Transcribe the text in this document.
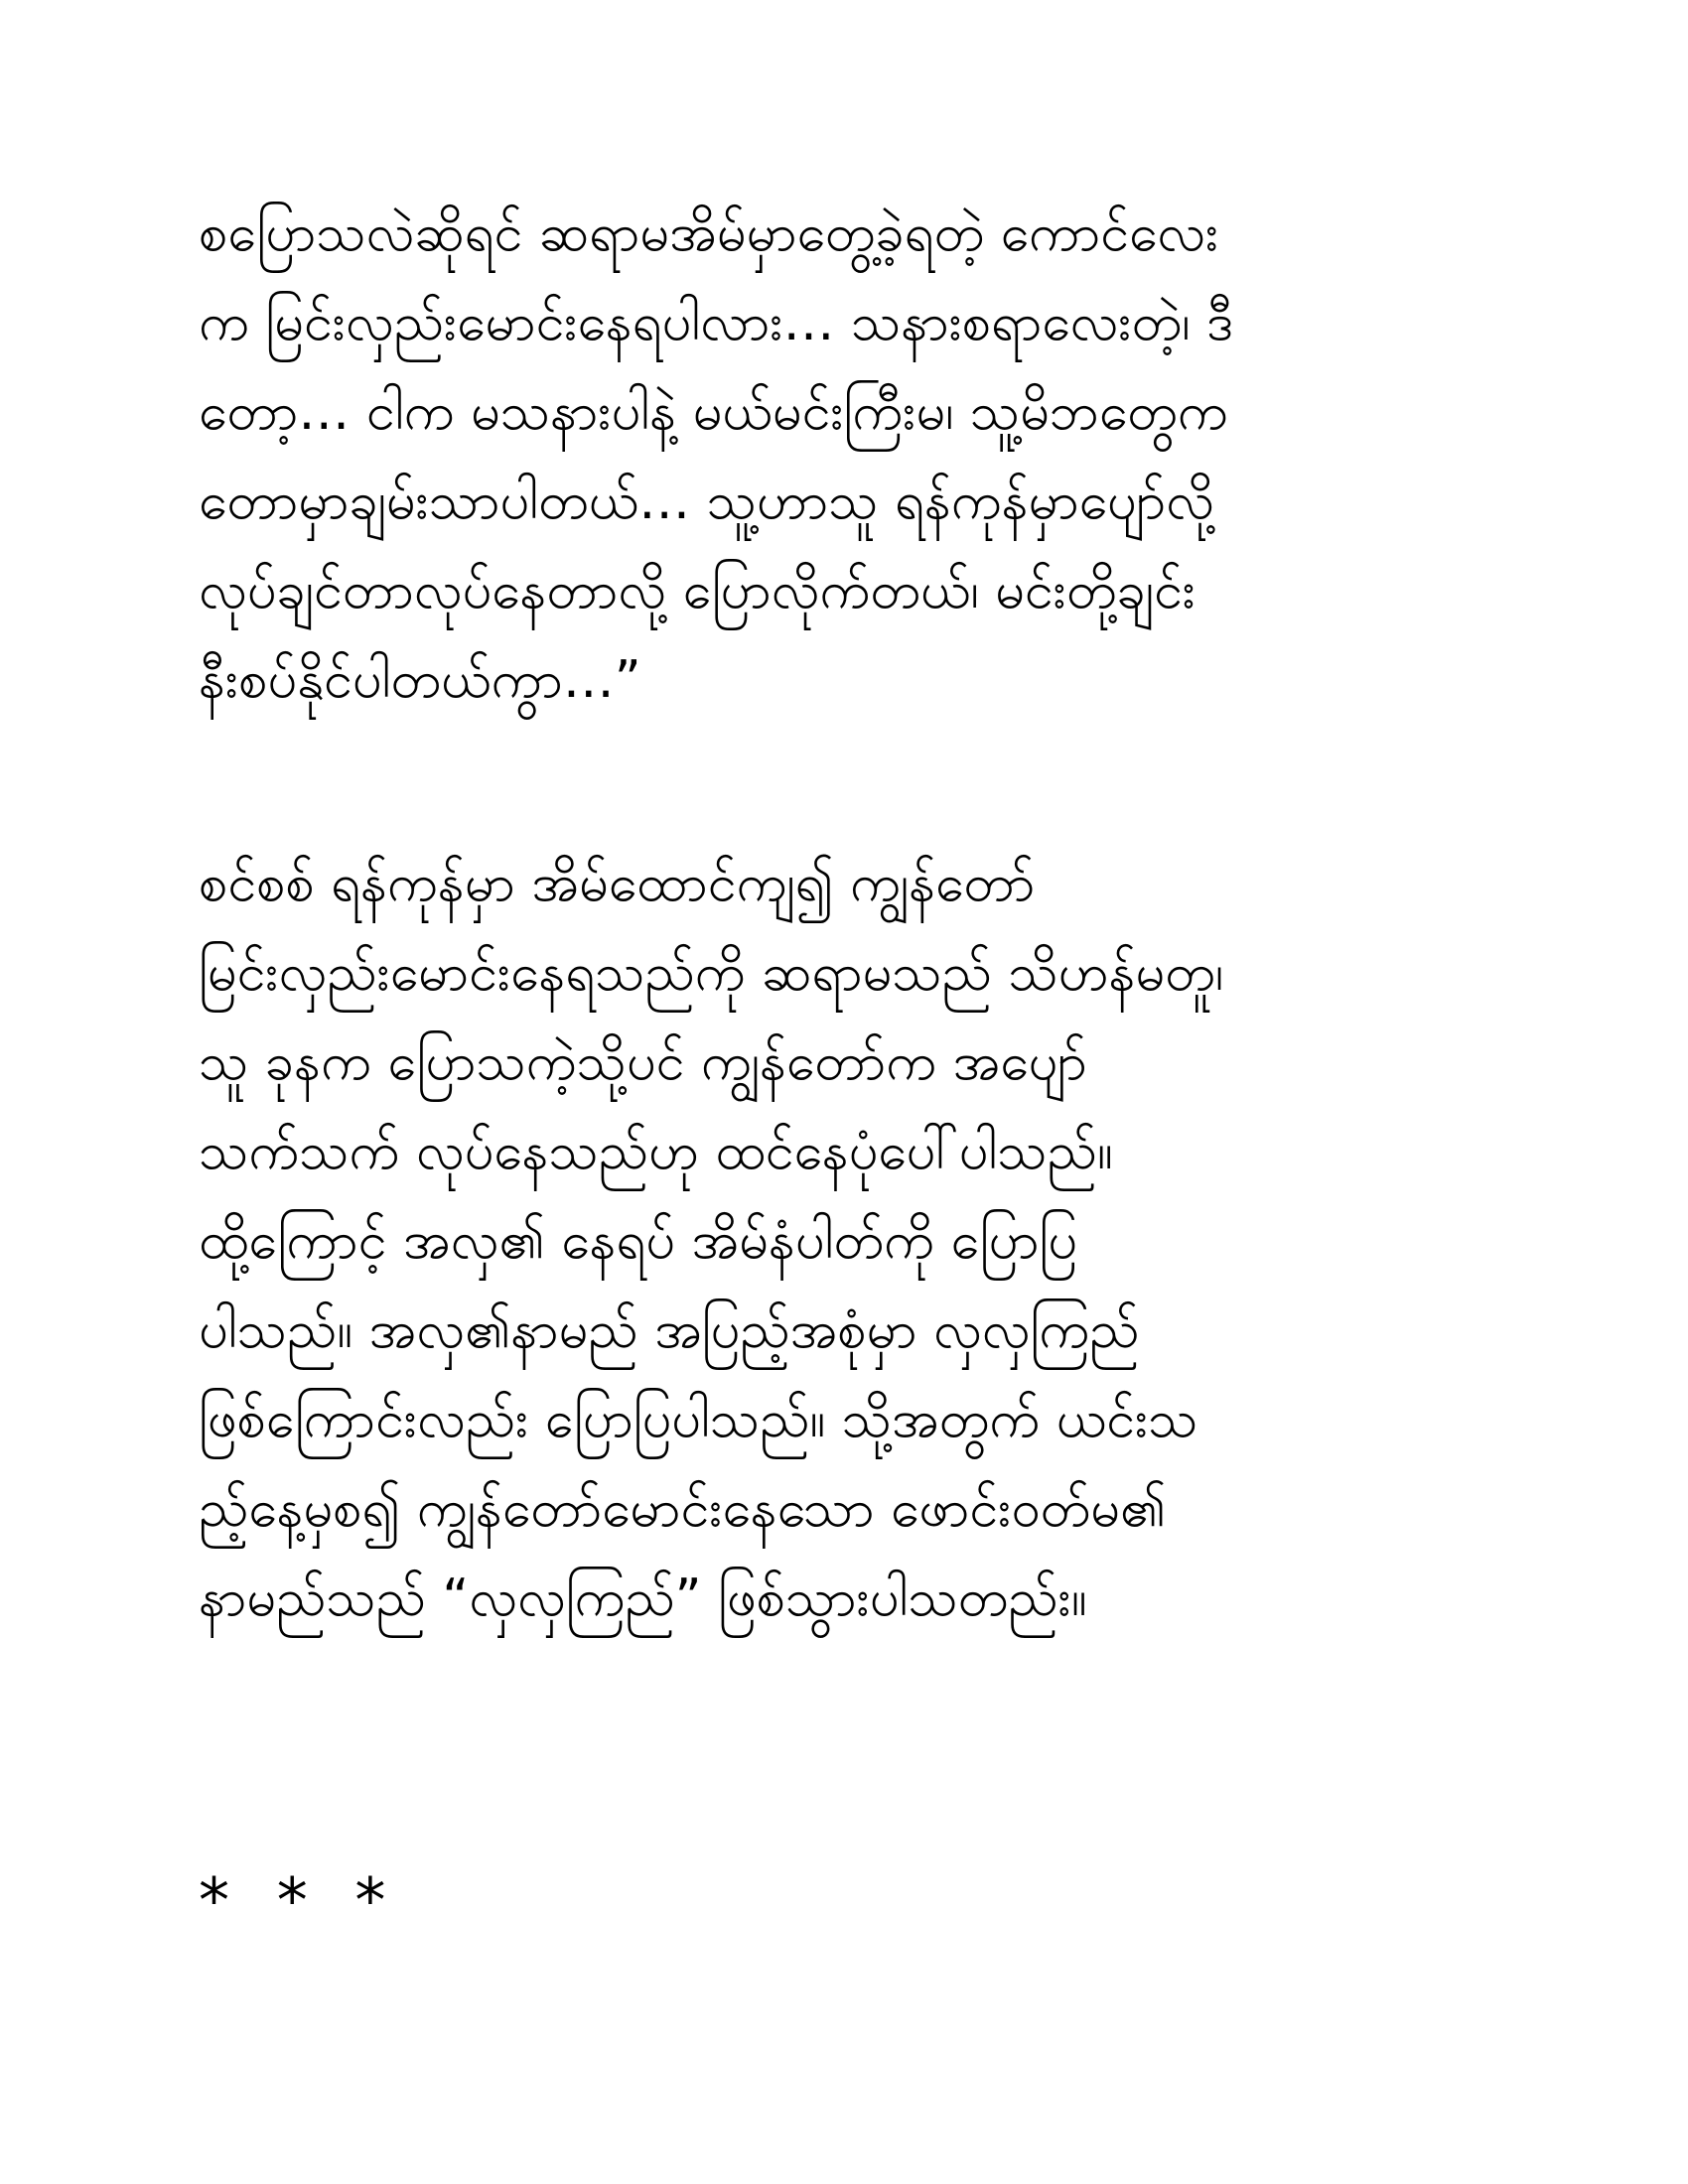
စပြောသလဲဆိုရင် ဆရာမအိမ်မှာတွေ့ခဲ့ရတဲ့ ကောင်လေး
က မြင်းလှည်းမောင်းနေရပါလား… သနားစရာလေးတဲ့၊ ဒီ
တော့… ငါက မသနားပါနဲ့ မယ်မင်းကြီးမ၊ သူ့မိဘတွေက
တောမှာချမ်းသာပါတယ်… သူ့ဟာသူ ရန်ကုန်မှာပျော်လို့
လုပ်ချင်တာလုပ်နေတာလို့ ပြောလိုက်တယ်၊ မင်းတို့ချင်း
နီးစပ်နိုင်ပါတယ်ကွာ…”
စင်စစ် ရန်ကုန်မှာ အိမ်ထောင်ကျ၍ ကျွန်တော်
မြင်းလှည်းမောင်းနေရသည်ကို ဆရာမသည် သိဟန်မတူ၊
သူ ခုနက ပြောသကဲ့သို့ပင် ကျွန်တော်က အပျော်
သက်သက် လုပ်နေသည်ဟု ထင်နေပုံပေါ်ပါသည်။
ထို့ကြောင့် အလှ၏ နေရပ် အိမ်နံပါတ်ကို ပြောပြ
ပါသည်။ အလှ၏နာမည် အပြည့်အစုံမှာ လှလှကြည်
ဖြစ်ကြောင်းလည်း ပြောပြပါသည်။ သို့အတွက် ယင်းသ
ည့်နေ့မှစ၍ ကျွန်တော်မောင်းနေသော ဖောင်းဝတ်မ၏
နာမည်သည် “လှလှကြည်” ဖြစ်သွားပါသတည်း။
* * *
